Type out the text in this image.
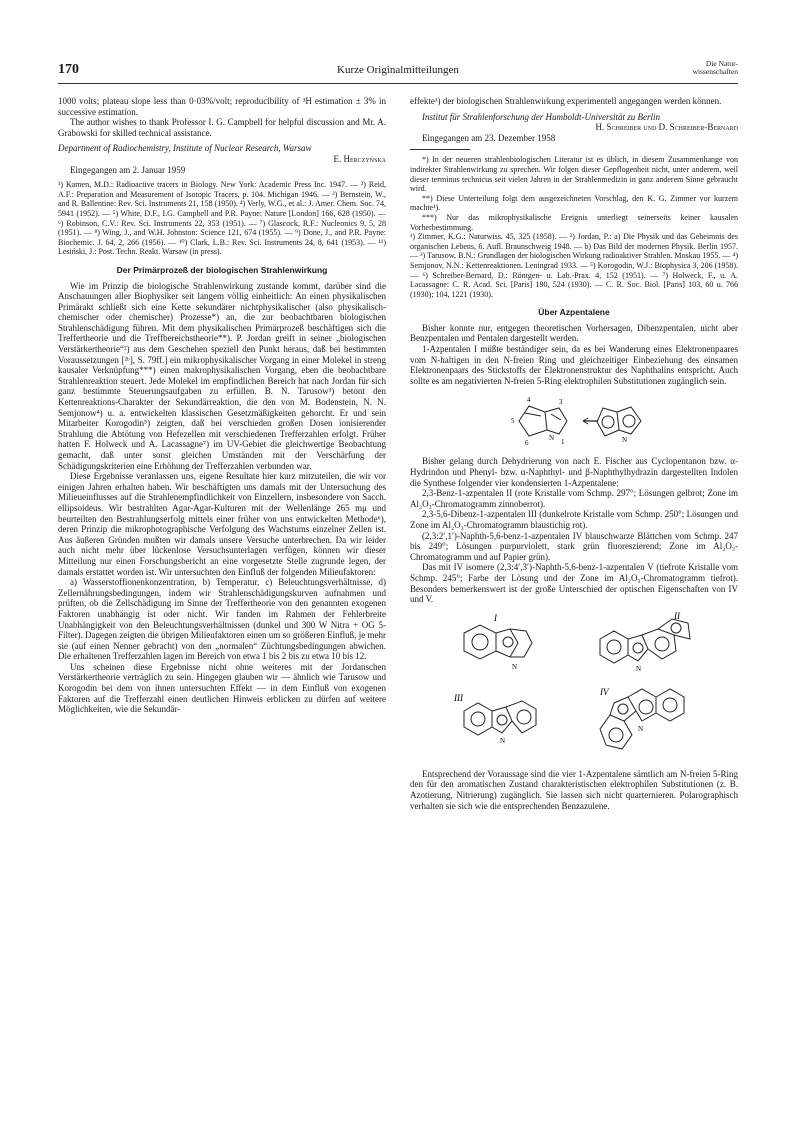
170	Kurze Originalmitteilungen
Die Natur-
wissenschaften

1000 volts; plateau slope less than 0·03%/volt; reproducibility of ³H estimation ± 3% in successive estimation.

The author wishes to thank Professor I. G. Campbell for helpful discussion and Mr. A. Grabowski for skilled technical assistance.

Department of Radiochemistry, Institute of Nuclear Research, Warsaw

E. Herczyńska

Eingegangen am 2. Januar 1959

¹) Kamen, M.D.: Radioactive tracers in Biology. New York: Academic Press Inc. 1947. — ²) Reid, A.F.: Preparation and Measurement of Isotopic Tracers, p. 104. Michigan 1946. — ³) Bernstein, W., and R. Ballentine: Rev. Sci. Instruments 21, 158 (1950). ⁴) Verly, W.G., et al.: J. Amer. Chem. Soc. 74, 5941 (1952). — ⁵) White, D.F., I.G. Campbell and P.R. Payne: Nature [London] 166, 628 (1950). — ⁶) Robinson, C.V.: Rev. Sci. Instruments 22, 353 (1951). — ⁷) Glascock, R.F.: Nucleonics 9, 5, 28 (1951). — ⁸) Wing, J., and W.H. Johnston: Science 121, 674 (1955). — ⁹) Done, J., and P.R. Payne: Biochemic. J. 64, 2, 266 (1956). — ¹⁰) Clark, L.B.: Rev. Sci. Instruments 24, 8, 641 (1953). — ¹¹) Lesiński, J.: Post. Techn. Reakt. Warsaw (in press).

Der Primärprozeß der biologischen Strahlenwirkung

Wie im Prinzip die biologische Strahlenwirkung zustande kommt, darüber sind die Anschauungen aller Biophysiker seit langem völlig einheitlich: An einen physikalischen Primärakt schließt sich eine Kette sekundärer nichtphysikalischer (also physikalisch-chemischer oder chemischer) Prozesse*) an, die zur beobachtbaren biologischen Strahlenschädigung führen. Mit dem physikalischen Primärprozeß beschäftigen sich die Treffertheorie und die Treffbereichstheorie**). P. Jordan greift in seiner „biologischen Verstärkertheorie“²) aus dem Geschehen speziell den Punkt heraus, daß bei bestimmten Voraussetzungen [²ᵇ], S. 79ff.] ein mikrophysikalischer Vorgang in einer Molekel in streng kausaler Verknüpfung***) einen makrophysikalischen Vorgang, eben die beobachtbare Strahlenreaktion steuert. Jede Molekel im empfindlichen Bereich hat nach Jordan für sich ganz bestimmte Steuerungsaufgaben zu erfüllen. B. N. Tarusow³) betont den Kettenreaktions-Charakter der Sekundärreaktion, die den von M. Bodenstein, N. N. Semjonow⁴) u. a. entwickelten klassischen Gesetzmäßigkeiten gehorcht. Er und sein Mitarbeiter Korogodin⁵) zeigten, daß bei verschieden großen Dosen ionisierender Strahlung die Abtötung von Hefezellen mit verschiedenen Trefferzahlen erfolgt. Früher hatten F. Holweck und A. Lacassagne⁷) im UV-Gebiet die gleichwertige Beobachtung gemacht, daß unter sonst gleichen Umständen mit der Verschärfung der Schädigungskriterien eine Erhöhung der Trefferzahlen verbunden war.

Diese Ergebnisse veranlassen uns, eigene Resultate hier kurz mitzuteilen, die wir vor einigen Jahren erhalten haben. Wir beschäftigten uns damals mit der Untersuchung des Milieueinflusses auf die Strahlenempfindlichkeit von Einzellern, insbesondere von Sacch. ellipsoideus. Wir bestrahlten Agar-Agar-Kulturen mit der Wellenlänge 265 mμ und beurteilten den Bestrahlungserfolg mittels einer früher von uns entwickelten Methode⁶), deren Prinzip die mikrophotographische Verfolgung des Wachstums einzelner Zellen ist. Aus äußeren Gründen mußten wir damals unsere Versuche unterbrechen. Da wir leider auch nicht mehr über lückenlose Versuchsunterlagen verfügen, können wir dieser Mitteilung nur einen Forschungsbericht an eine vorgesetzte Stelle zugrunde legen, der damals erstattet worden ist. Wir untersuchten den Einfluß der folgenden Milieufaktoren:

a) Wasserstoffionenkonzentration, b) Temperatur, c) Beleuchtungsverhältnisse, d) Zellernährungsbedingungen, indem wir Strahlenschädigungskurven aufnahmen und prüften, ob die Zellschädigung im Sinne der Treffertheorie von den genannten exogenen Faktoren unabhängig ist oder nicht. Wir fanden im Rahmen der Fehlerbreite Unabhängigkeit von den Beleuchtungsverhältnissen (dunkel und 300 W Nitra + OG 5-Filter). Dagegen zeigten die übrigen Milieufaktoren einen um so größeren Einfluß, je mehr sie (auf einen Nenner gebracht) von den „normalen“ Züchtungsbedingungen abwichen. Die erhaltenen Trefferzahlen lagen im Bereich von etwa 1 bis 2 bis zu etwa 10 bis 12.

Uns scheinen diese Ergebnisse nicht ohne weiteres mit der Jordanschen Verstärkertheorie verträglich zu sein. Hingegen glauben wir — ähnlich wie Tarusow und Korogodin bei dem von ihnen untersuchten Effekt — in dem Einfluß von exogenen Faktoren auf die Trefferzahl einen deutlichen Hinweis erblicken zu dürfen auf weitere Möglichkeiten, wie die Sekundär-

effekte¹) der biologischen Strahlenwirkung experimentell angegangen werden können.

Institut für Strahlenforschung der Humboldt-Universität zu Berlin

H. Schreiber und D. Schreiber-Bernard

Eingegangen am 23. Dezember 1958

*) In der neueren strahlenbiologischen Literatur ist es üblich, in diesem Zusammenhange von indirekter Strahlenwirkung zu sprechen. Wir folgen dieser Gepflogenheit nicht, unter anderem, weil dieser terminus technicus seit vielen Jahren in der Strahlenmedizin in ganz anderem Sinne gebraucht wird.

**) Diese Unterteilung folgt dem ausgezeichneten Vorschlag, den K. G. Zimmer vor kurzem machte¹).

***) Nur das mikrophysikalische Ereignis unterliegt seinerseits keiner kausalen Vorherbestimmung.

¹) Zimmer, K.G.: Naturwiss. 45, 325 (1958). — ²) Jordan, P.: a) Die Physik und das Geheimnis des organischen Lebens, 6. Aufl. Braunschweig 1948. — b) Das Bild der modernen Physik. Berlin 1957. — ³) Tarusow, B.N.: Grundlagen der biologischen Wirkung radioaktiver Strahlen. Moskau 1955. — ⁴) Semjonov, N.N.: Kettenreaktionen. Leningrad 1933. — ⁵) Korogodin, W.J.: Biophysica 3, 206 (1958). — ⁶) Schreiber-Bernard, D.: Röntgen- u. Lab.-Prax. 4, 152 (1951). — ⁷) Holweck, F., u. A. Lacassagne: C. R. Acad. Sci. [Paris] 190, 524 (1930). — C. R. Soc. Biol. [Paris] 103, 60 u. 766 (1930); 104, 1221 (1930).

Über Azpentalene

Bisher konnte nur, entgegen theoretischen Vorhersagen, Dibenzpentalen, nicht aber Benzpentalen und Pentalen dargestellt werden.

1-Azpentalen I müßte beständiger sein, da es bei Wanderung eines Elektronenpaares vom N-haltigen in den N-freien Ring und gleichzeitiger Einbeziehung des einsamen Elektronenpaars des Stickstoffs der Elektronenstruktur des Naphthalins entspricht. Auch sollte es am negativierten N-freien 5-Ring elektrophilen Substitutionen zugänglich sein.

4	3
5
6	1
N	N

Bisher gelang durch Dehydrierung von nach E. Fischer aus Cyclopentanon bzw. α-Hydrindon und Phenyl- bzw. α-Naphthyl- und β-Naphthylhydrazin dargestellten Indolen die Synthese folgender vier kondensierten 1-Azpentalene:

2,3-Benz-1-azpentalen II (rote Kristalle vom Schmp. 297°; Lösungen gelbrot; Zone im Al₂O₃-Chromatogramm zinnoberrot).

2,3-5,6-Dibenz-1-azpentalen III (dunkelrote Kristalle vom Schmp. 250°; Lösungen und Zone im Al₂O₃-Chromatogramm blaustichig rot).

(2,3:2′,1′)-Naphth-5,6-benz-1-azpentalen IV blauschwarze Blättchen vom Schmp. 247 bis 249°; Lösungen purpurviolett, stark grün fluoreszierend; Zone im Al₂O₃-Chromatogramm und auf Papier grün).

Das mit IV isomere (2,3:4′,3′)-Naphth-5,6-benz-1-azpentalen V (tiefrote Kristalle vom Schmp. 245°; Farbe der Lösung und der Zone im Al₂O₃-Chromatogramm tiefrot). Besonders bemerkenswert ist der große Unterschied der optischen Eigenschaften von IV und V.

I	II
III
IV
N	N
N
N

Entsprechend der Voraussage sind die vier 1-Azpentalene sämtlich am N-freien 5-Ring den für den aromatischen Zustand charakteristischen elektrophilen Substitutionen (z. B. Azotierung, Nitrierung) zugänglich. Sie lassen sich nicht quarternieren. Polarographisch verhalten sie sich wie die entsprechenden Benzazulene.
